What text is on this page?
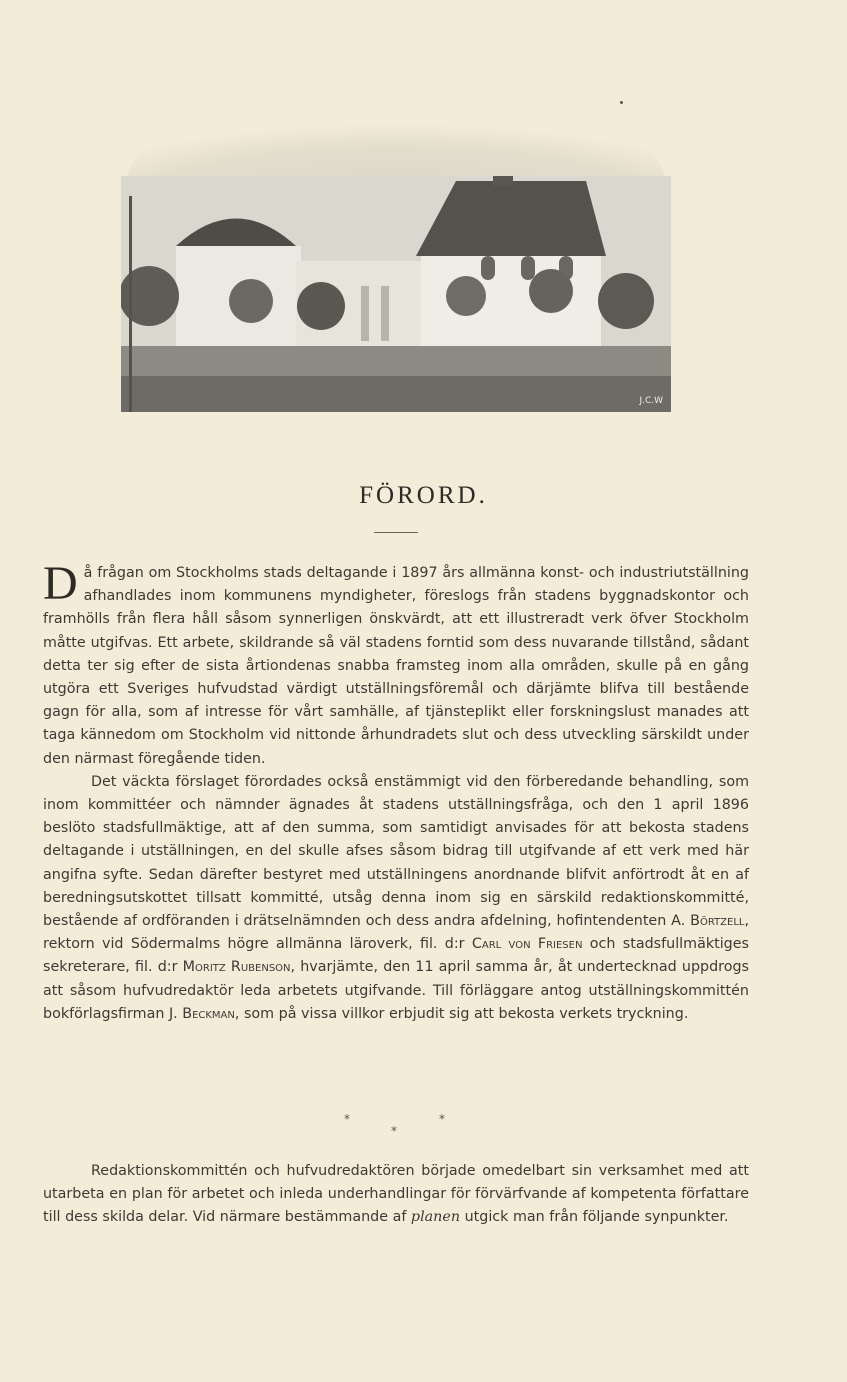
J.C.W
FÖRORD.

Då frågan om Stockholms stads deltagande i 1897 års allmänna konst- och industriutställning afhandlades inom kommunens myndigheter, föreslogs från stadens byggnadskontor och framhölls från flera håll såsom synnerligen önskvärdt, att ett illustreradt verk öfver Stockholm måtte utgifvas. Ett arbete, skildrande så väl stadens forntid som dess nuvarande tillstånd, sådant detta ter sig efter de sista årtiondenas snabba framsteg inom alla områden, skulle på en gång utgöra ett Sveriges hufvudstad värdigt utställningsföremål och därjämte blifva till bestående gagn för alla, som af intresse för vårt samhälle, af tjänsteplikt eller forskningslust manades att taga kännedom om Stockholm vid nittonde århundradets slut och dess utveckling särskildt under den närmast föregående tiden.

Det väckta förslaget förordades också enstämmigt vid den förberedande behandling, som inom kommittéer och nämnder ägnades åt stadens utställningsfråga, och den 1 april 1896 beslöto stadsfullmäktige, att af den summa, som samtidigt anvisades för att bekosta stadens deltagande i utställningen, en del skulle afses såsom bidrag till utgifvande af ett verk med här angifna syfte. Sedan därefter bestyret med utställningens anordnande blifvit anförtrodt åt en af beredningsutskottet tillsatt kommitté, utsåg denna inom sig en särskild redaktionskommitté, bestående af ordföranden i drätselnämnden och dess andra afdelning, hofintendenten A. Börtzell, rektorn vid Södermalms högre allmänna läroverk, fil. d:r Carl von Friesen och stadsfullmäktiges sekreterare, fil. d:r Moritz Rubenson, hvarjämte, den 11 april samma år, åt undertecknad uppdrogs att såsom hufvudredaktör leda arbetets utgifvande. Till förläggare antog utställningskommittén bokförlagsfirman J. Beckman, som på vissa villkor erbjudit sig att bekosta verkets tryckning.

*	*
*

Redaktionskommittén och hufvudredaktören började omedelbart sin verksamhet med att utarbeta en plan för arbetet och inleda underhandlingar för förvärfvande af kompetenta författare till dess skilda delar. Vid närmare bestämmande af planen utgick man från följande synpunkter.
